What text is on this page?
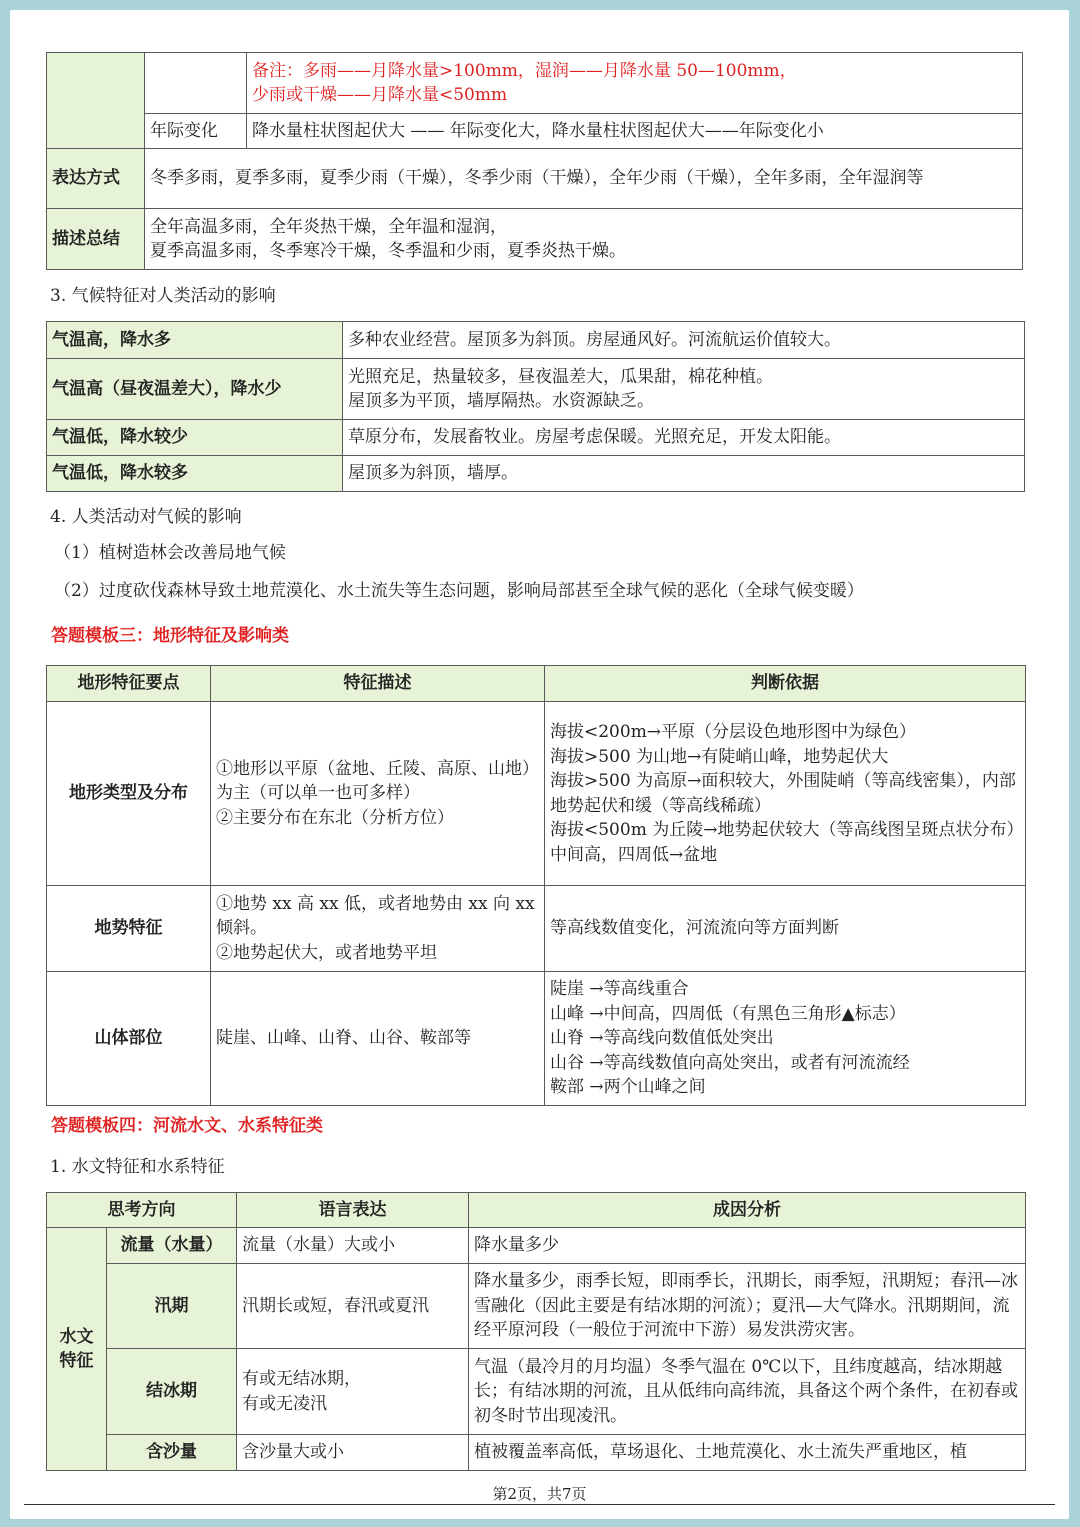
		备注：多雨——月降水量>100mm，湿润——月降水量 50—100mm，
少雨或干燥——月降水量<50mm

	年际变化	降水量柱状图起伏大 —— 年际变化大，降水量柱状图起伏大——年际变化小
表达方式	冬季多雨，夏季多雨，夏季少雨（干燥），冬季少雨（干燥），全年少雨（干燥），全年多雨，全年湿润等	
描述总结	全年高温多雨，全年炎热干燥，全年温和湿润，
夏季高温多雨，冬季寒冷干燥，冬季温和少雨，夏季炎热干燥。	
3. 气候特征对人类活动的影响
气温高，降水多	多种农业经营。屋顶多为斜顶。房屋通风好。河流航运价值较大。

气温高（昼夜温差大），降水少	光照充足，热量较多，昼夜温差大，瓜果甜，棉花种植。
屋顶多为平顶，墙厚隔热。水资源缺乏。

气温低，降水较少	草原分布，发展畜牧业。房屋考虑保暖。光照充足，开发太阳能。

气温低，降水较多	屋顶多为斜顶，墙厚。
4. 人类活动对气候的影响
（1）植树造林会改善局地气候
（2）过度砍伐森林导致土地荒漠化、水土流失等生态问题，影响局部甚至全球气候的恶化（全球气候变暖）
答题模板三：地形特征及影响类
地形特征要点	特征描述	判断依据
地形类型及分布	①地形以平原（盆地、丘陵、高原、山地）为主（可以单一也可多样）
②主要分布在东北（分析方位）	海拔<200m→平原（分层设色地形图中为绿色）
海拔>500 为山地→有陡峭山峰，地势起伏大
海拔>500 为高原→面积较大，外围陡峭（等高线密集），内部地势起伏和缓（等高线稀疏）
海拔<500m 为丘陵→地势起伏较大（等高线图呈斑点状分布）
中间高，四周低→盆地

地势特征	①地势 xx 高 xx 低，或者地势由 xx 向 xx 倾斜。
②地势起伏大，或者地势平坦	等高线数值变化，河流流向等方面判断

山体部位	陡崖、山峰、山脊、山谷、鞍部等	陡崖 →等高线重合
山峰 →中间高，四周低（有黑色三角形▲标志）
山脊 →等高线向数值低处突出
山谷 →等高线数值向高处突出，或者有河流流经
鞍部 →两个山峰之间
答题模板四：河流水文、水系特征类
1. 水文特征和水系特征
思考方向		语言表达	成因分析
水文特征	流量（水量）	流量（水量）大或小	降水量多少
	汛期	汛期长或短，春汛或夏汛	降水量多少，雨季长短，即雨季长，汛期长，雨季短，汛期短；春汛—冰雪融化（因此主要是有结冰期的河流）；夏汛—大气降水。汛期期间，流经平原河段（一般位于河流中下游）易发洪涝灾害。
	结冰期	有或无结冰期，
有或无凌汛	气温（最冷月的月均温）冬季气温在 0℃以下，且纬度越高，结冰期越长；有结冰期的河流，且从低纬向高纬流，具备这个两个条件，在初春或初冬时节出现凌汛。
	含沙量	含沙量大或小	植被覆盖率高低，草场退化、土地荒漠化、水土流失严重地区，植
第2页，共7页
